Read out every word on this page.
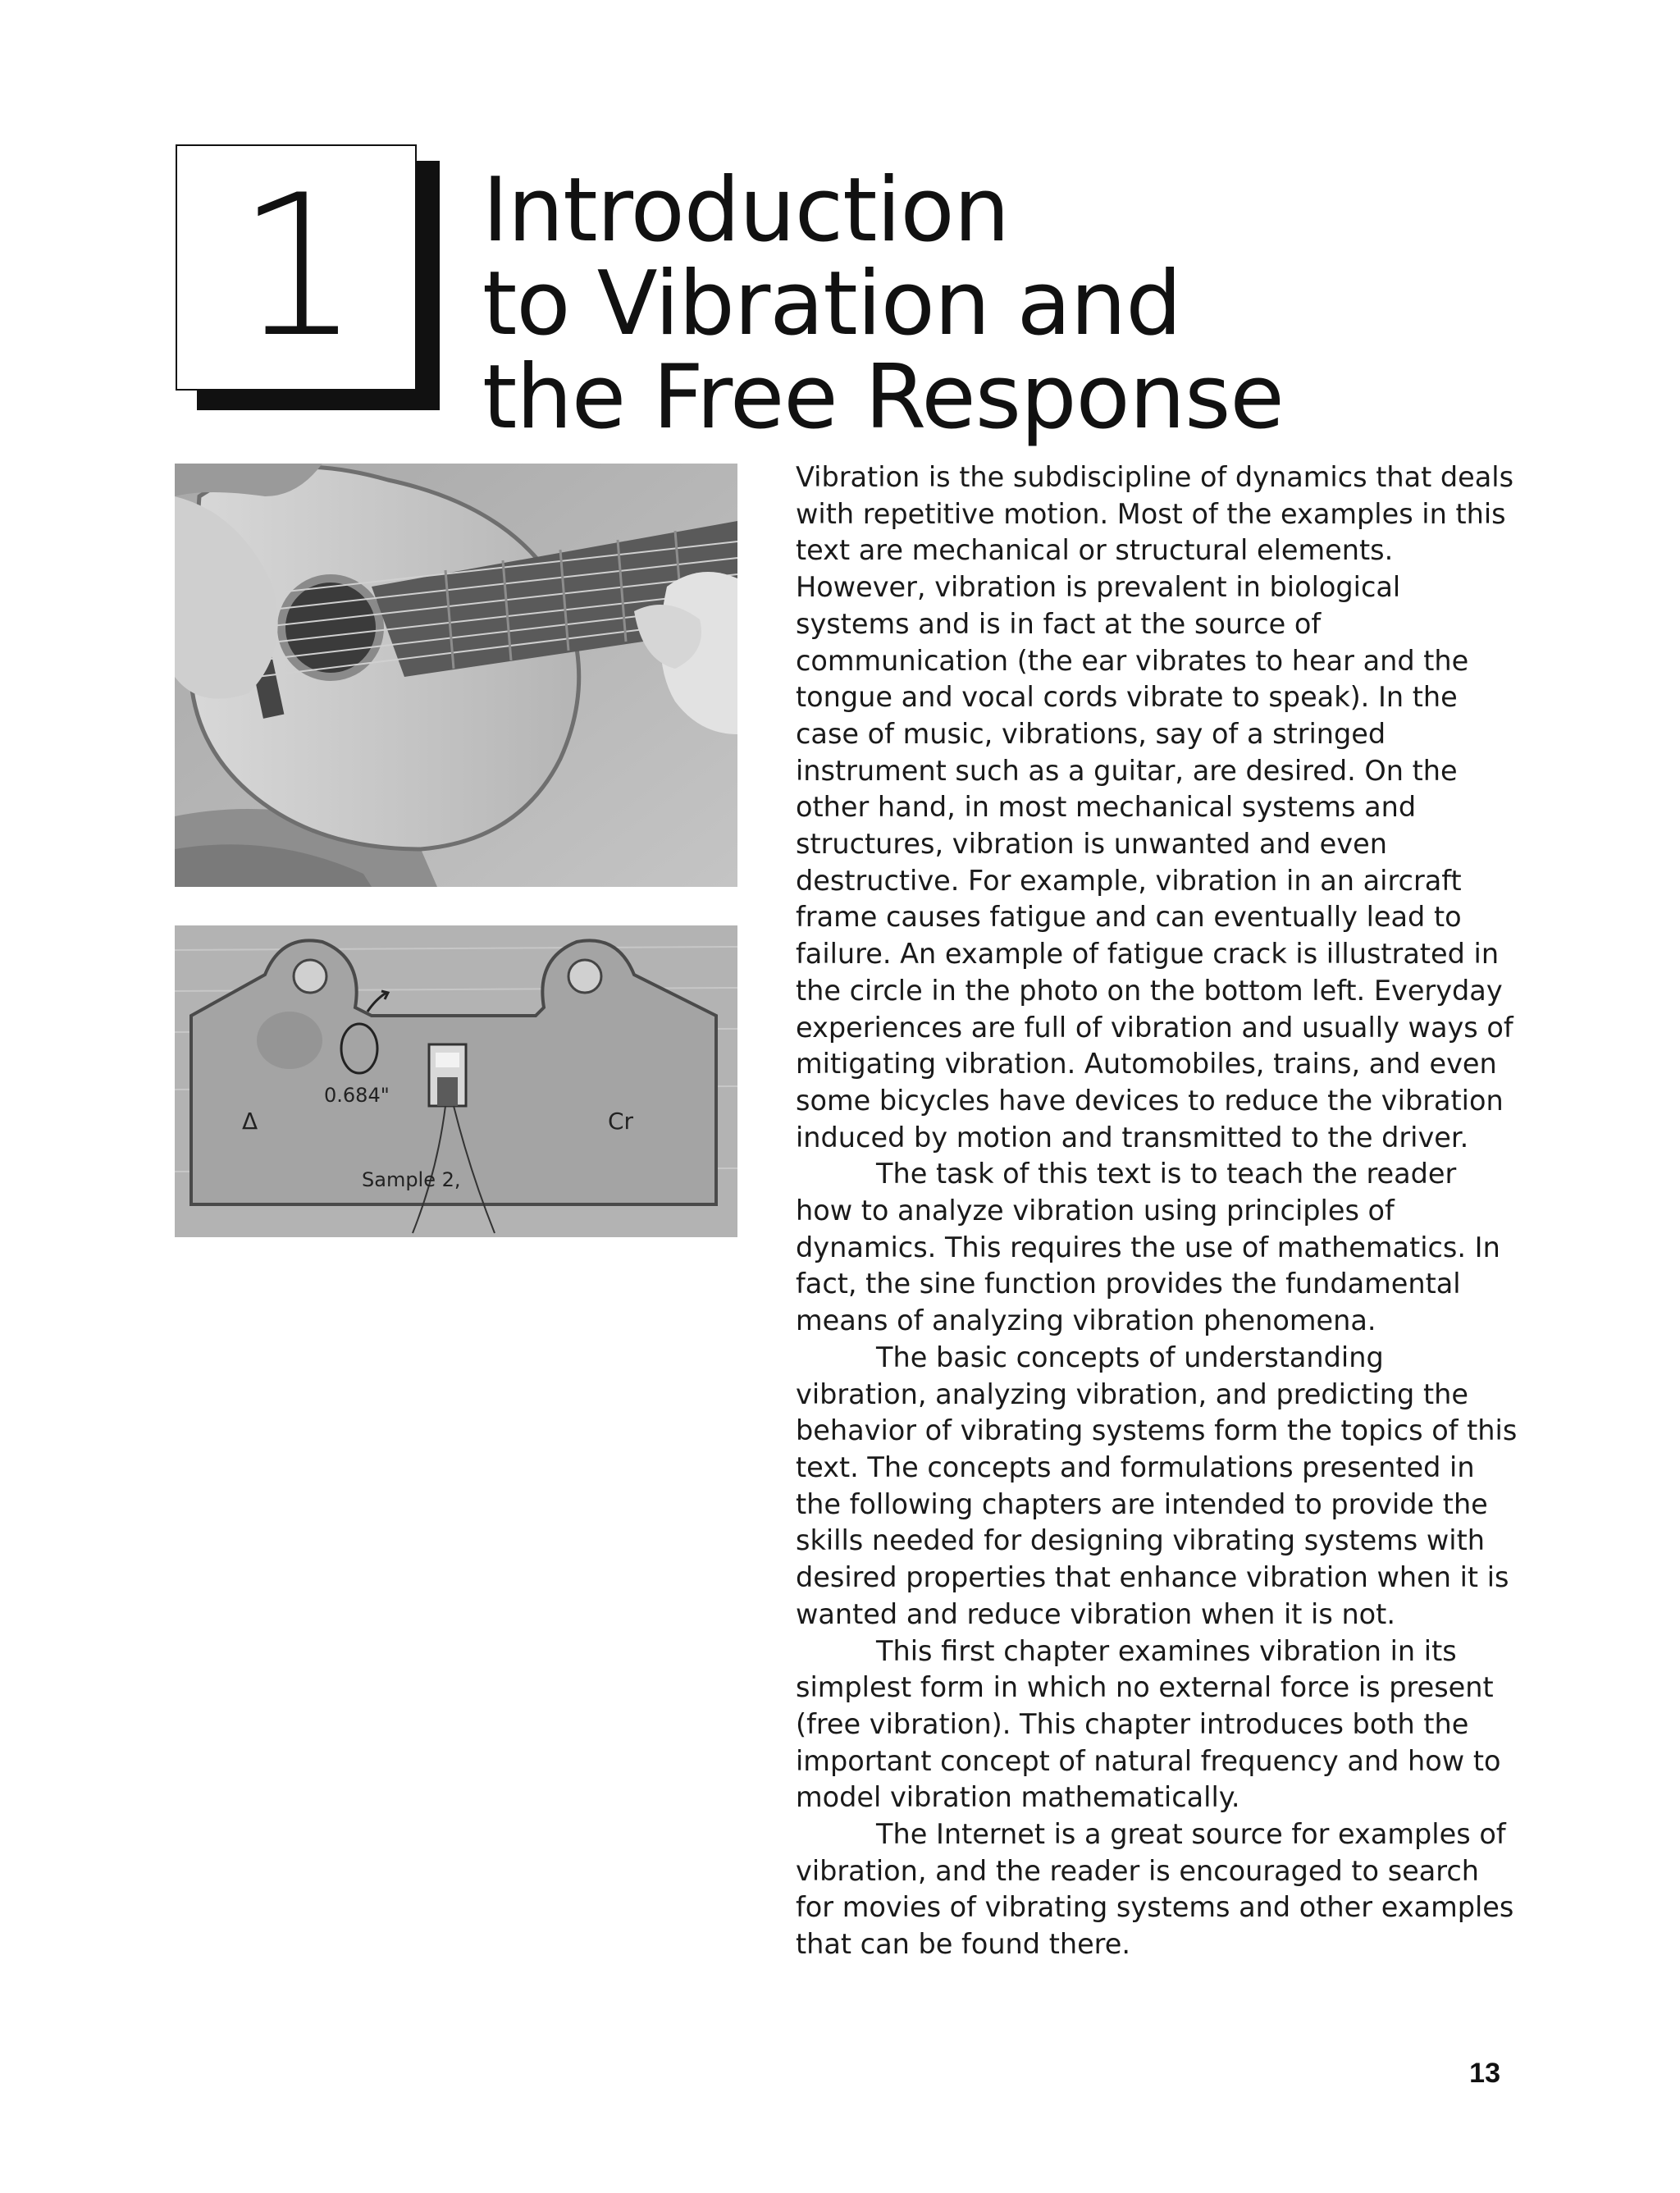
1	Introduction
to Vibration and
the Free Response
0.684"
Sample 2,
Δ	Cr

Vibration is the subdiscipline of dynamics that deals with repetitive motion. Most of the examples in this text are mechanical or structural elements. However, vibration is prevalent in biological systems and is in fact at the source of communication (the ear vibrates to hear and the tongue and vocal cords vibrate to speak). In the case of music, vibrations, say of a stringed instrument such as a guitar, are desired. On the other hand, in most mechanical systems and structures, vibration is unwanted and even destructive. For example, vibration in an aircraft frame causes fatigue and can eventually lead to failure. An example of fatigue crack is illustrated in the circle in the photo on the bottom left. Everyday experiences are full of vibration and usually ways of mitigating vibration. Automobiles, trains, and even some bicycles have devices to reduce the vibration induced by motion and transmitted to the driver.

The task of this text is to teach the reader how to analyze vibration using principles of dynamics. This requires the use of mathematics. In fact, the sine function provides the fundamental means of analyzing vibration phenomena.

The basic concepts of understanding vibration, analyzing vibration, and predicting the behavior of vibrating systems form the topics of this text. The concepts and formulations presented in the following chapters are intended to provide the skills needed for designing vibrating systems with desired properties that enhance vibration when it is wanted and reduce vibration when it is not.

This first chapter examines vibration in its simplest form in which no external force is present (free vibration). This chapter introduces both the important concept of natural frequency and how to model vibration mathematically.

The Internet is a great source for examples of vibration, and the reader is encouraged to search for movies of vibrating systems and other examples that can be found there.

13
